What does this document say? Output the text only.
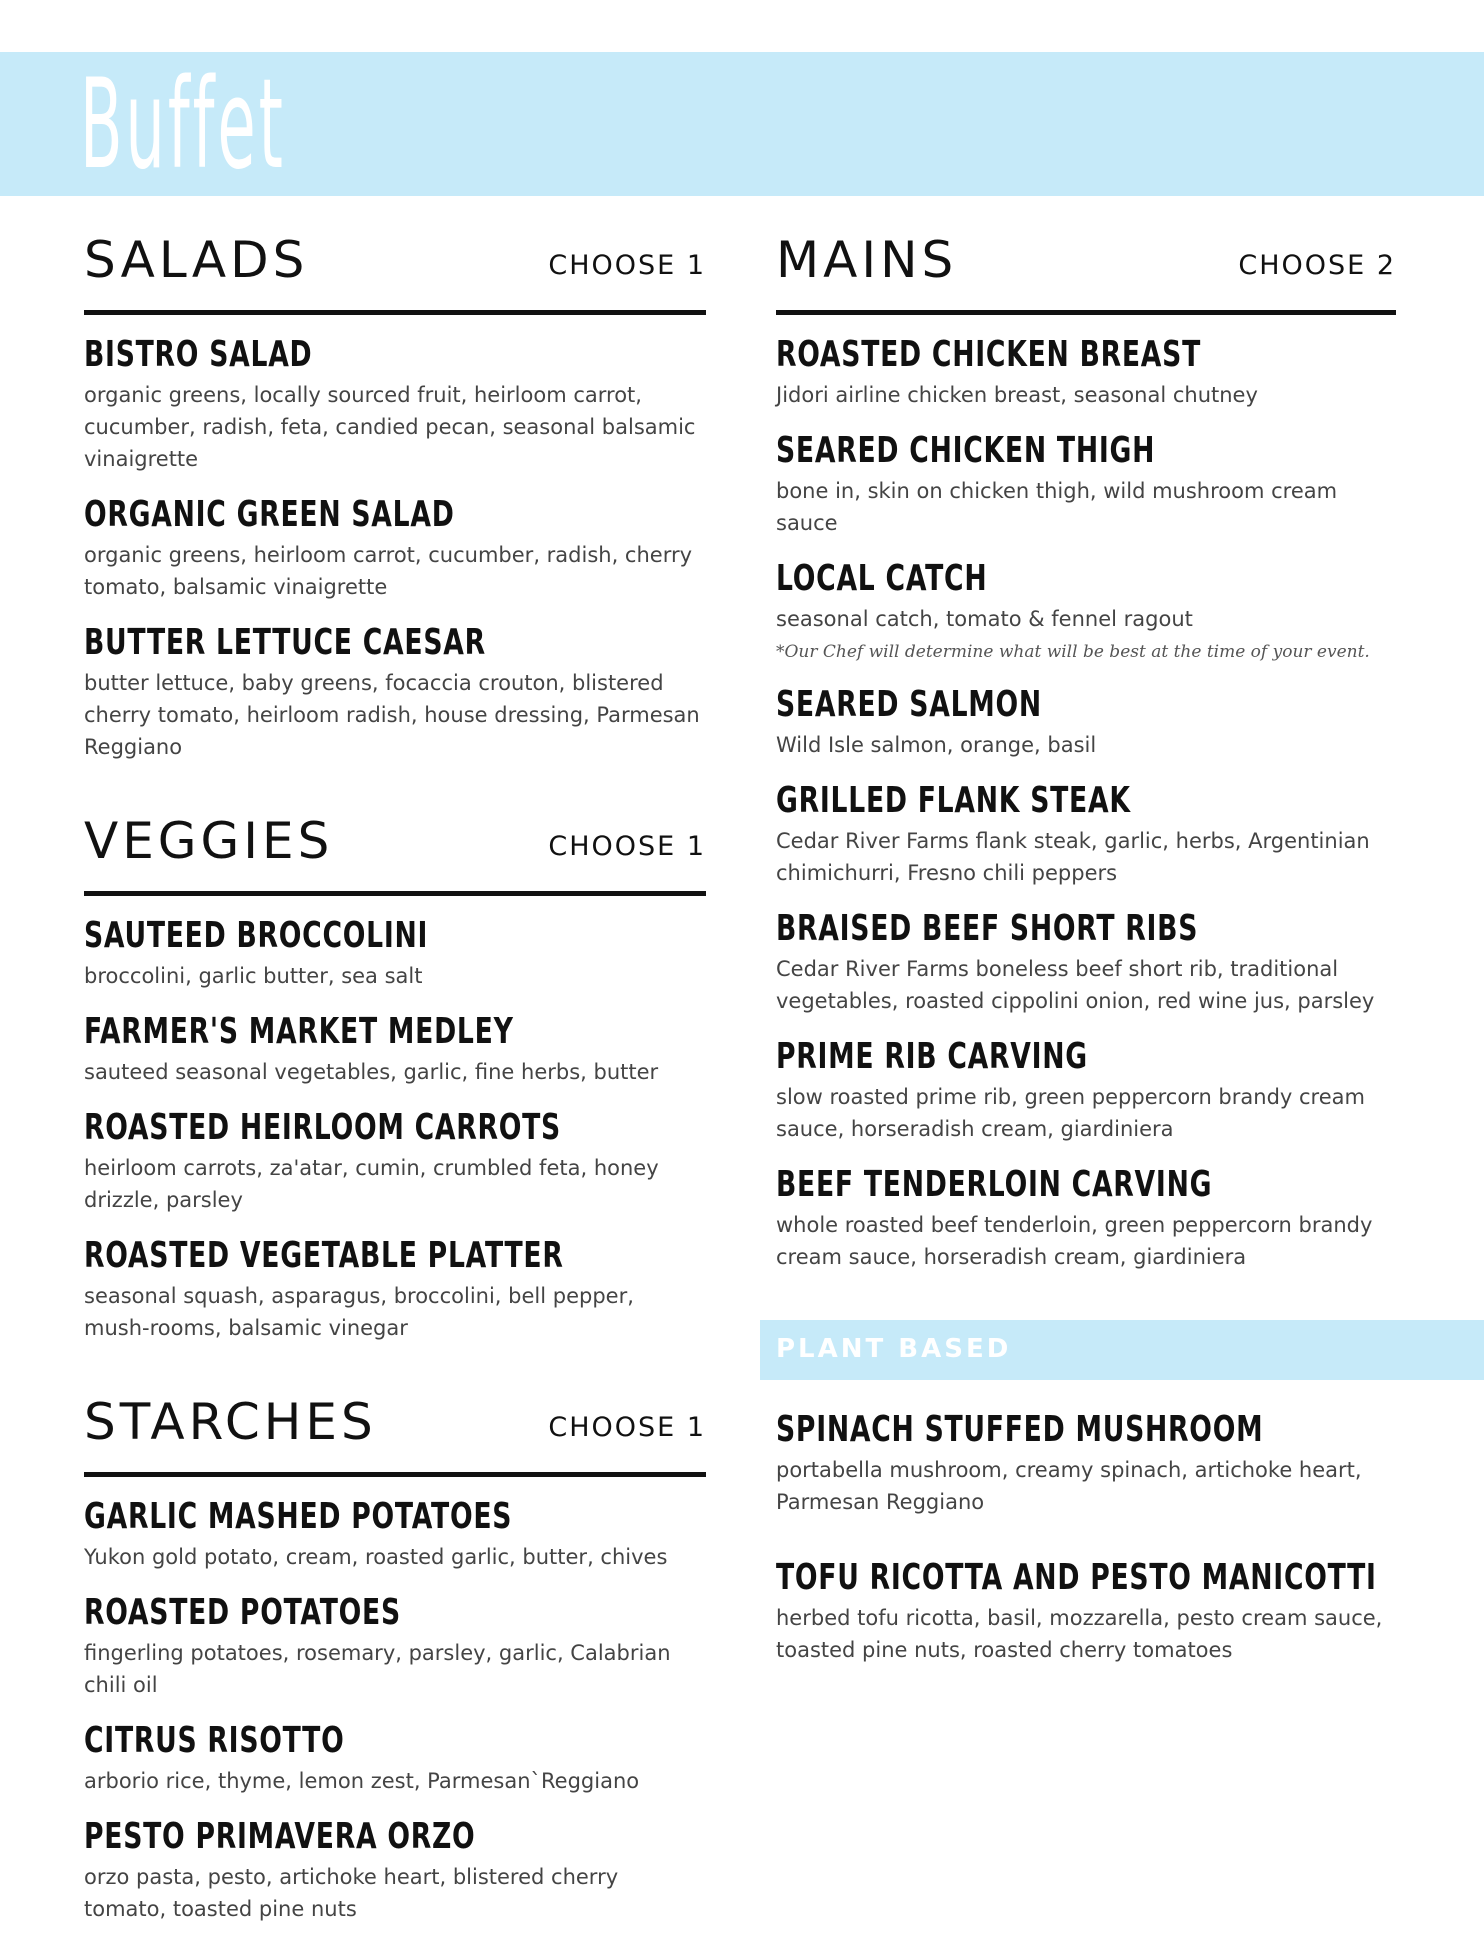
Buffet
SALADS	CHOOSE 1

BISTRO SALAD

organic greens, locally sourced fruit, heirloom carrot, cucumber, radish, feta, candied pecan, seasonal balsamic vinaigrette

ORGANIC GREEN SALAD

organic greens, heirloom carrot, cucumber, radish, cherry tomato, balsamic vinaigrette

BUTTER LETTUCE CAESAR

butter lettuce, baby greens, focaccia crouton, blistered cherry tomato, heirloom radish, house dressing, Parmesan Reggiano

VEGGIES	CHOOSE 1

SAUTEED BROCCOLINI

broccolini, garlic butter, sea salt

FARMER'S MARKET MEDLEY

sauteed seasonal vegetables, garlic, fine herbs, butter

ROASTED HEIRLOOM CARROTS

heirloom carrots, za'atar, cumin, crumbled feta, honey drizzle, parsley

ROASTED VEGETABLE PLATTER

seasonal squash, asparagus, broccolini, bell pepper, mush-rooms, balsamic vinegar

STARCHES	CHOOSE 1

GARLIC MASHED POTATOES

Yukon gold potato, cream, roasted garlic, butter, chives

ROASTED POTATOES

fingerling potatoes, rosemary, parsley, garlic, Calabrian chili oil

CITRUS RISOTTO

arborio rice, thyme, lemon zest, Parmesan`Reggiano

PESTO PRIMAVERA ORZO

orzo pasta, pesto, artichoke heart, blistered cherry tomato, toasted pine nuts

MAINS	CHOOSE 2

ROASTED CHICKEN BREAST

Jidori airline chicken breast, seasonal chutney

SEARED CHICKEN THIGH

bone in, skin on chicken thigh, wild mushroom cream sauce

LOCAL CATCH

seasonal catch, tomato & fennel ragout

*Our Chef will determine what will be best at the time of your event.

SEARED SALMON

Wild Isle salmon, orange, basil

GRILLED FLANK STEAK

Cedar River Farms flank steak, garlic, herbs, Argentinian chimichurri, Fresno chili peppers

BRAISED BEEF SHORT RIBS

Cedar River Farms boneless beef short rib, traditional vegetables, roasted cippolini onion, red wine jus, parsley

PRIME RIB CARVING

slow roasted prime rib, green peppercorn brandy cream sauce, horseradish cream, giardiniera

BEEF TENDERLOIN CARVING

whole roasted beef tenderloin, green peppercorn brandy cream sauce, horseradish cream, giardiniera

PLANT BASED

SPINACH STUFFED MUSHROOM

portabella mushroom, creamy spinach, artichoke heart, Parmesan Reggiano

TOFU RICOTTA AND PESTO MANICOTTI

herbed tofu ricotta, basil, mozzarella, pesto cream sauce, toasted pine nuts, roasted cherry tomatoes
